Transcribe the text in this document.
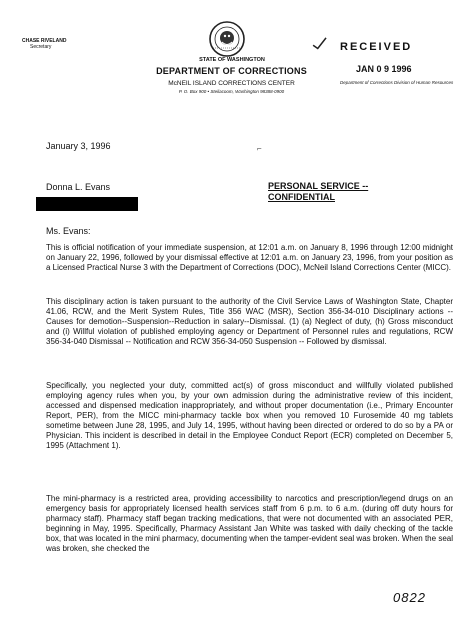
CHASE RIVELAND
Secretary
STATE OF WASHINGTON
DEPARTMENT OF CORRECTIONS
McNEIL ISLAND CORRECTIONS CENTER
P. O. Box 900 • Steilacoom, Washington 98388-0900
RECEIVED
JAN 0 9 1996
Department of Corrections Division of Human Resources
January 3, 1996	⌐
Donna L. Evans	PERSONAL SERVICE --
CONFIDENTIAL
Ms. Evans:
This is official notification of your immediate suspension, at 12:01 a.m. on January 8, 1996 through 12:00 midnight on January 22, 1996, followed by your dismissal effective at 12:01 a.m. on January 23, 1996, from your position as a Licensed Practical Nurse 3 with the Department of Corrections (DOC), McNeil Island Corrections Center (MICC).
This disciplinary action is taken pursuant to the authority of the Civil Service Laws of Washington State, Chapter 41.06, RCW, and the Merit System Rules, Title 356 WAC (MSR), Section 356-34-010 Disciplinary actions -- Causes for demotion--Suspension--Reduction in salary--Dismissal. (1) (a) Neglect of duty, (h) Gross misconduct and (i) Willful violation of published employing agency or Department of Personnel rules and regulations, RCW 356-34-040 Dismissal -- Notification and RCW 356-34-050 Suspension -- Followed by dismissal.
Specifically, you neglected your duty, committed act(s) of gross misconduct and willfully violated published employing agency rules when you, by your own admission during the administrative review of this incident, accessed and dispensed medication inappropriately, and without proper documentation (i.e., Primary Encounter Report, PER), from the MICC mini-pharmacy tackle box when you removed 10 Furosemide 40 mg tablets sometime between June 28, 1995, and July 14, 1995, without having been directed or ordered to do so by a PA or Physician. This incident is described in detail in the Employee Conduct Report (ECR) completed on December 5, 1995 (Attachment 1).
The mini-pharmacy is a restricted area, providing accessibility to narcotics and prescription/legend drugs on an emergency basis for appropriately licensed health services staff from 6 p.m. to 6 a.m. (during off duty hours for pharmacy staff). Pharmacy staff began tracking medications, that were not documented with an associated PER, beginning in May, 1995. Specifically, Pharmacy Assistant Jan White was tasked with daily checking of the tackle box, that was located in the mini pharmacy, documenting when the tamper-evident seal was broken. When the seal was broken, she checked the
0822
